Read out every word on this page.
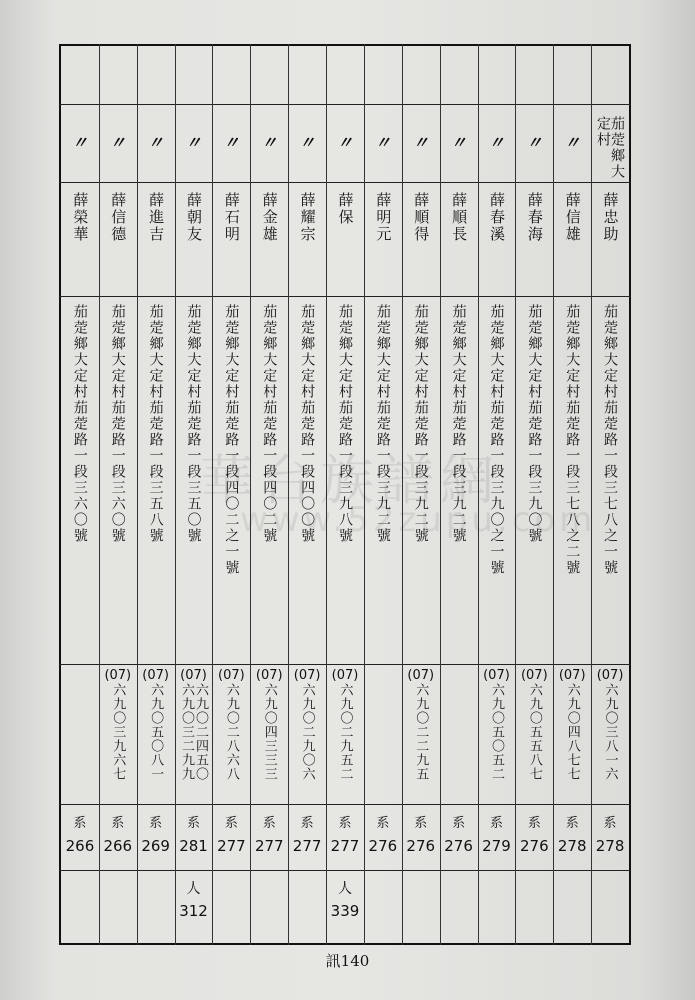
華台族譜網
www.52zupu.com
茄萣鄉大定村
薛忠助
茄萣鄉大定村茄萣路一段三七八之一號
(07)
六九〇三八一六
系
278
〃
薛信雄
茄萣鄉大定村茄萣路一段三七八之二號
(07)
六九〇四八七七
系
278
〃
薛春海
茄萣鄉大定村茄萣路一段三九〇號
(07)
六九〇五五八七
系
276
〃
薛春溪
茄萣鄉大定村茄萣路一段三九〇之一號
(07)
六九〇五〇五二
系
279
〃
薛順長
茄萣鄉大定村茄萣路一段三九二號
系
276
〃
薛順得
茄萣鄉大定村茄萣路一段三九二號
(07)
六九〇二二九五
系
276
〃
薛明元
茄萣鄉大定村茄萣路一段三九二號
系
276
〃
薛保
茄萣鄉大定村茄萣路一段三九八號
(07)
六九〇二九五二
系
277
人
339
〃
薛耀宗
茄萣鄉大定村茄萣路一段四〇〇號
(07)
六九〇二九〇六
系
277
〃
薛金雄
茄萣鄉大定村茄萣路一段四〇二號
(07)
六九〇四三三三
系
277
〃
薛石明
茄萣鄉大定村茄萣路一段四〇二之一號
(07)
六九〇二八六八
系
277
〃
薛朝友
茄萣鄉大定村茄萣路一段三五〇號
(07)
六九〇二四五〇
六九〇三二九九
系
281
人
312
〃
薛進吉
茄萣鄉大定村茄萣路一段三五八號
(07)
六九〇五〇八一
系
269
〃
薛信德
茄萣鄉大定村茄萣路一段三六〇號
(07)
六九〇三九六七
系
266
〃
薛榮華
茄萣鄉大定村茄萣路一段三六〇號
系
266
訊140
